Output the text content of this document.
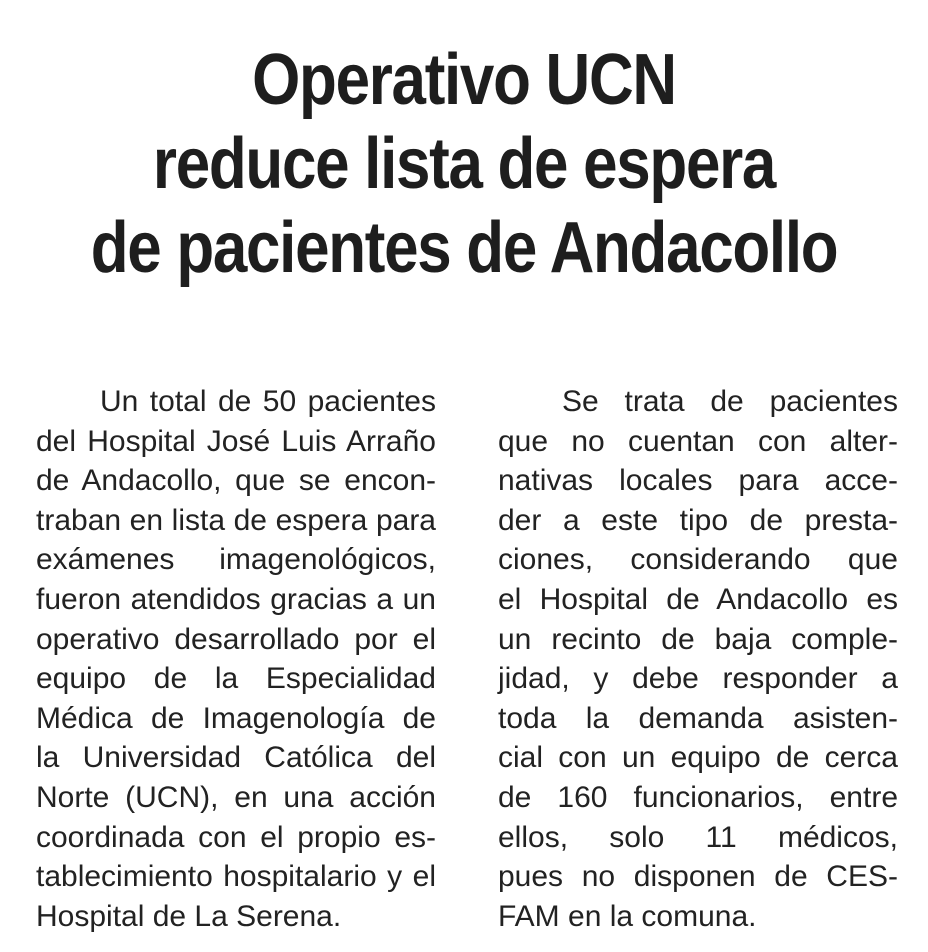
Operativo UCN
reduce lista de espera
de pacientes de Andacollo
Un total de 50 pacientes
del Hospital José Luis Arraño
de Andacollo, que se encon-
traban en lista de espera para
exámenes imagenológicos,
fueron atendidos gracias a un
operativo desarrollado por el
equipo de la Especialidad
Médica de Imagenología de
la Universidad Católica del
Norte (UCN), en una acción
coordinada con el propio es-
tablecimiento hospitalario y el
Hospital de La Serena.
Se trata de pacientes
que no cuentan con alter-
nativas locales para acce-
der a este tipo de presta-
ciones, considerando que
el Hospital de Andacollo es
un recinto de baja comple-
jidad, y debe responder a
toda la demanda asisten-
cial con un equipo de cerca
de 160 funcionarios, entre
ellos, solo 11 médicos,
pues no disponen de CES-
FAM en la comuna.
